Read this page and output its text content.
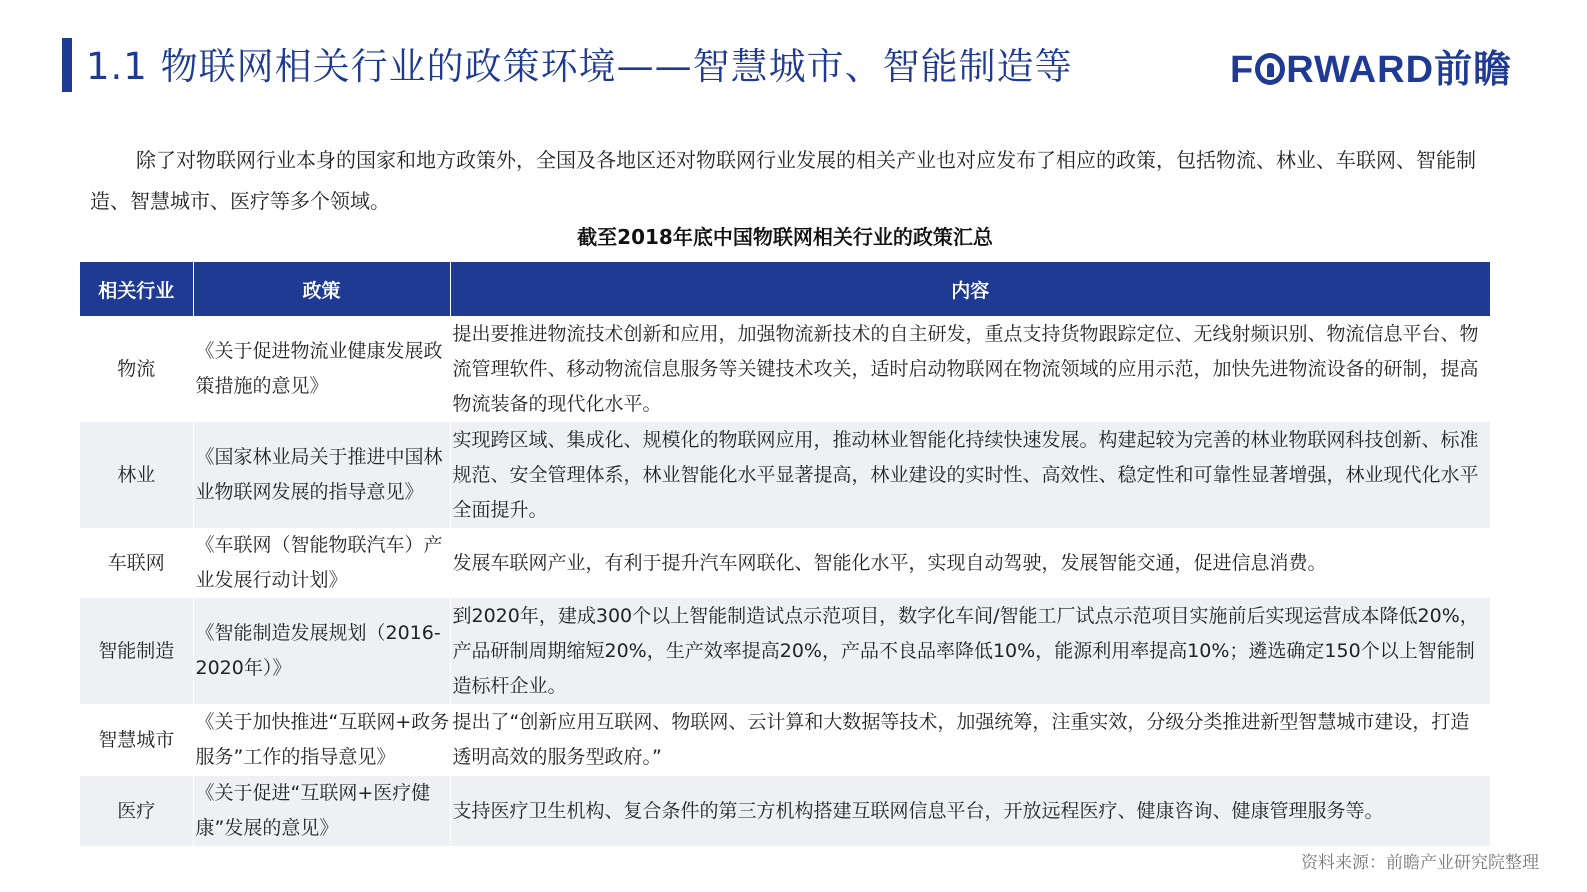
1.1 物联网相关行业的政策环境——智慧城市、智能制造等	F RWARD前瞻
除了对物联网行业本身的国家和地方政策外，全国及各地区还对物联网行业发展的相关产业也对应发布了相应的政策，包括物流、林业、车联网、智能制造、智慧城市、医疗等多个领域。
截至2018年底中国物联网相关行业的政策汇总
相关行业	政策	内容
物流	《关于促进物流业健康发展政策措施的意见》	提出要推进物流技术创新和应用，加强物流新技术的自主研发，重点支持货物跟踪定位、无线射频识别、物流信息平台、物流管理软件、移动物流信息服务等关键技术攻关，适时启动物联网在物流领域的应用示范，加快先进物流设备的研制，提高物流装备的现代化水平。
林业	《国家林业局关于推进中国林业物联网发展的指导意见》	实现跨区域、集成化、规模化的物联网应用，推动林业智能化持续快速发展。构建起较为完善的林业物联网科技创新、标准规范、安全管理体系，林业智能化水平显著提高，林业建设的实时性、高效性、稳定性和可靠性显著增强，林业现代化水平全面提升。
车联网	《车联网（智能物联汽车）产业发展行动计划》	发展车联网产业，有利于提升汽车网联化、智能化水平，实现自动驾驶，发展智能交通，促进信息消费。
智能制造	《智能制造发展规划（2016-2020年）》	到2020年，建成300个以上智能制造试点示范项目，数字化车间/智能工厂试点示范项目实施前后实现运营成本降低20%，产品研制周期缩短20%，生产效率提高20%，产品不良品率降低10%，能源利用率提高10%；遴选确定150个以上智能制造标杆企业。
智慧城市	《关于加快推进“互联网+政务服务”工作的指导意见》	提出了“创新应用互联网、物联网、云计算和大数据等技术，加强统筹，注重实效，分级分类推进新型智慧城市建设，打造透明高效的服务型政府。”
医疗	《关于促进“互联网+医疗健康”发展的意见》	支持医疗卫生机构、复合条件的第三方机构搭建互联网信息平台，开放远程医疗、健康咨询、健康管理服务等。
资料来源：前瞻产业研究院整理
